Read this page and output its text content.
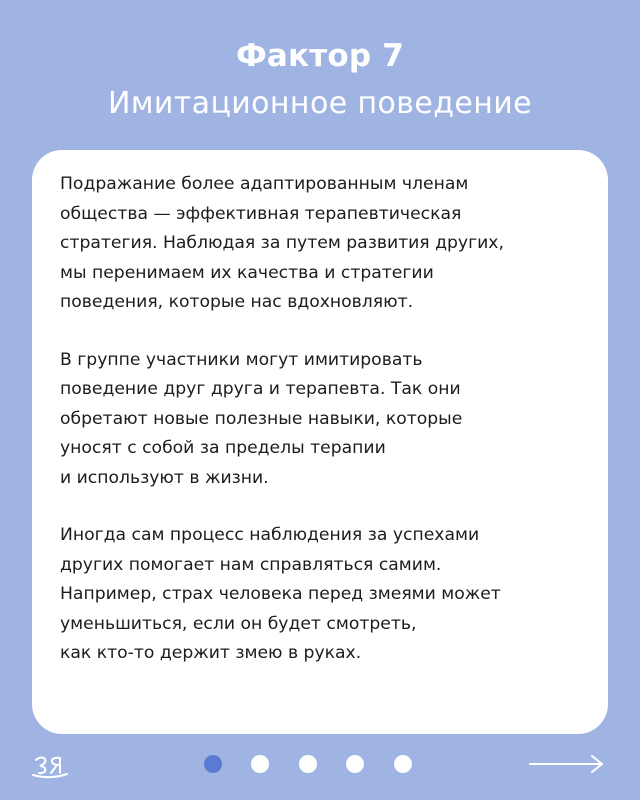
Фактор 7
Имитационное поведение

Подражание более адаптированным членам
общества — эффективная терапевтическая
стратегия. Наблюдая за путем развития других,
мы перенимаем их качества и стратегии
поведения, которые нас вдохновляют.

В группе участники могут имитировать
поведение друг друга и терапевта. Так они
обретают новые полезные навыки, которые
уносят с собой за пределы терапии
и используют в жизни.

Иногда сам процесс наблюдения за успехами
других помогает нам справляться самим.
Например, страх человека перед змеями может
уменьшиться, если он будет смотреть,
как кто-то держит змею в руках.
